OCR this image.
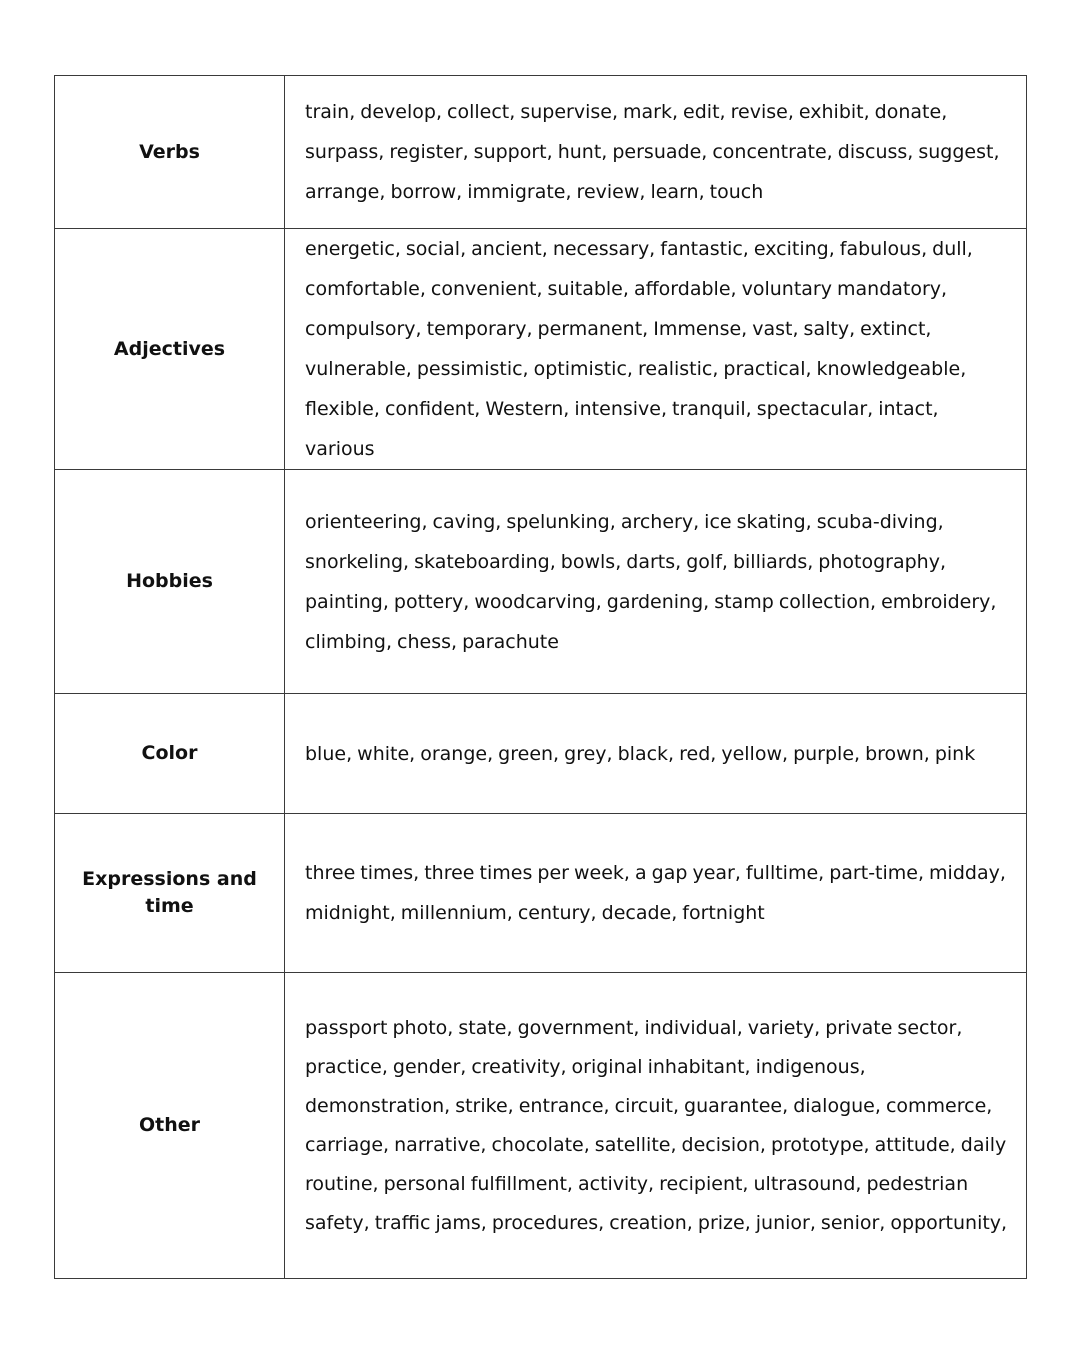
Verbs	train, develop, collect, supervise, mark, edit, revise, exhibit, donate, surpass, register, support, hunt, persuade, concentrate, discuss, suggest, arrange, borrow, immigrate, review, learn, touch
Adjectives	energetic, social, ancient, necessary, fantastic, exciting, fabulous, dull, comfortable, convenient, suitable, affordable, voluntary mandatory, compulsory, temporary, permanent, Immense, vast, salty, extinct, vulnerable, pessimistic, optimistic, realistic, practical, knowledgeable, flexible, confident, Western, intensive, tranquil, spectacular, intact, various
Hobbies	orienteering, caving, spelunking, archery, ice skating, scuba-diving, snorkeling, skateboarding, bowls, darts, golf, billiards, photography, painting, pottery, woodcarving, gardening, stamp collection, embroidery, climbing, chess, parachute
Color	blue, white, orange, green, grey, black, red, yellow, purple, brown, pink
Expressions and time	three times, three times per week, a gap year, fulltime, part-time, midday, midnight, millennium, century, decade, fortnight
Other	passport photo, state, government, individual, variety, private sector, practice, gender, creativity, original inhabitant, indigenous, demonstration, strike, entrance, circuit, guarantee, dialogue, commerce, carriage, narrative, chocolate, satellite, decision, prototype, attitude, daily routine, personal fulfillment, activity, recipient, ultrasound, pedestrian safety, traffic jams, procedures, creation, prize, junior, senior, opportunity,
